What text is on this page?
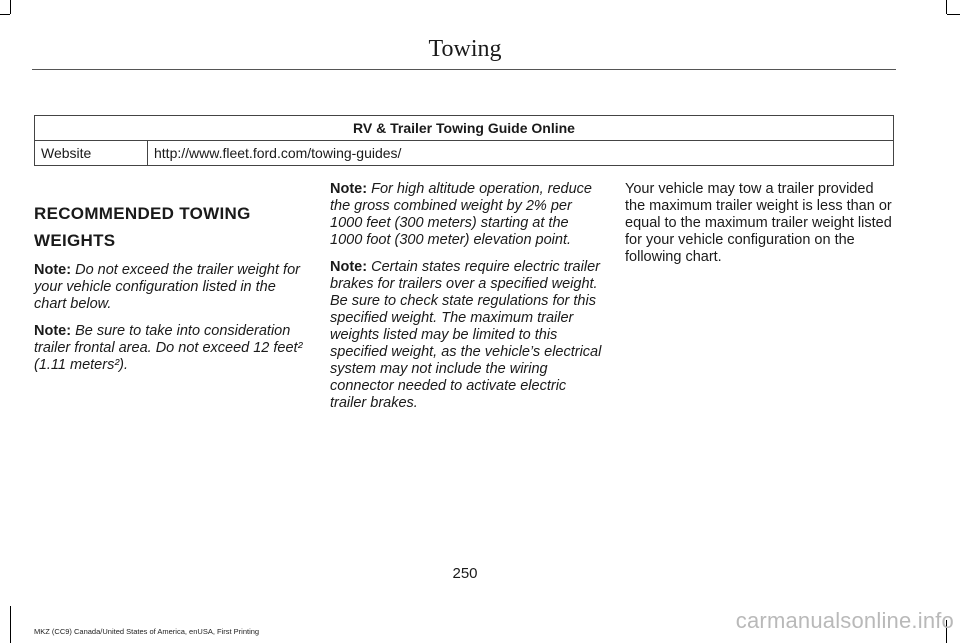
Towing
RV & Trailer Towing Guide Online
Website	http://www.fleet.ford.com/towing-guides/
RECOMMENDED TOWING
WEIGHTS

Note: Do not exceed the trailer weight for your vehicle configuration listed in the chart below.

Note: Be sure to take into consideration trailer frontal area. Do not exceed 12 feet² (1.11 meters²).

Note: For high altitude operation, reduce the gross combined weight by 2% per 1000 feet (300 meters) starting at the 1000 foot (300 meter) elevation point.

Note: Certain states require electric trailer brakes for trailers over a specified weight. Be sure to check state regulations for this specified weight. The maximum trailer weights listed may be limited to this specified weight, as the vehicle’s electrical system may not include the wiring connector needed to activate electric trailer brakes.

Your vehicle may tow a trailer provided the maximum trailer weight is less than or equal to the maximum trailer weight listed for your vehicle configuration on the following chart.

250
MKZ (CC9) Canada/United States of America, enUSA, First Printing	carmanualsonline.info
